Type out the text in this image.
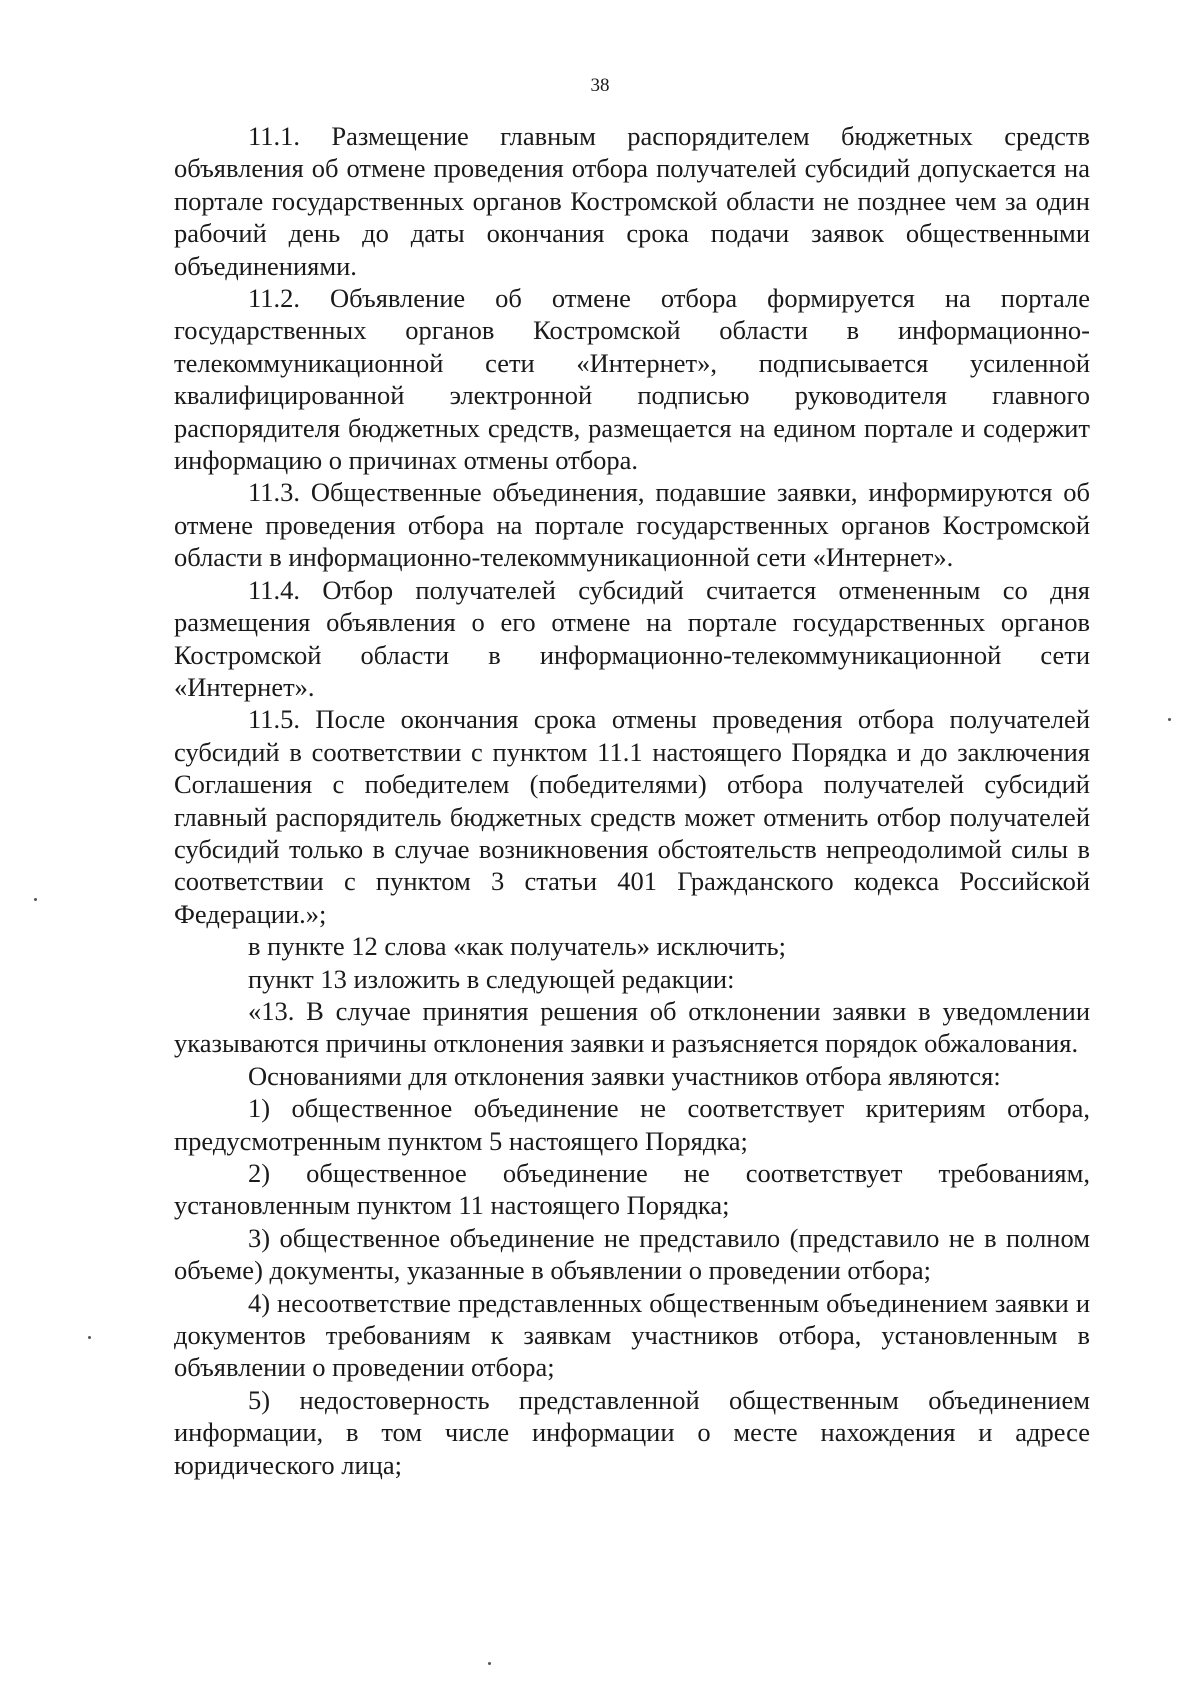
38

11.1. Размещение главным распорядителем бюджетных средств объявления об отмене проведения отбора получателей субсидий допускается на портале государственных органов Костромской области не позднее чем за один рабочий день до даты окончания срока подачи заявок общественными объединениями.

11.2. Объявление об отмене отбора формируется на портале государственных органов Костромской области в информационно-телекоммуникационной сети «Интернет», подписывается усиленной квалифицированной электронной подписью руководителя главного распорядителя бюджетных средств, размещается на едином портале и содержит информацию о причинах отмены отбора.

11.3. Общественные объединения, подавшие заявки, информируются об отмене проведения отбора на портале государственных органов Костромской области в информационно-телекоммуникационной сети «Интернет».

11.4. Отбор получателей субсидий считается отмененным со дня размещения объявления о его отмене на портале государственных органов Костромской области в информационно-телекоммуникационной сети «Интернет».

11.5. После окончания срока отмены проведения отбора получателей субсидий в соответствии с пунктом 11.1 настоящего Порядка и до заключения Соглашения с победителем (победителями) отбора получателей субсидий главный распорядитель бюджетных средств может отменить отбор получателей субсидий только в случае возникновения обстоятельств непреодолимой силы в соответствии с пунктом 3 статьи 401 Гражданского кодекса Российской Федерации.»;

в пункте 12 слова «как получатель» исключить;

пункт 13 изложить в следующей редакции:

«13. В случае принятия решения об отклонении заявки в уведомлении указываются причины отклонения заявки и разъясняется порядок обжалования.

Основаниями для отклонения заявки участников отбора являются:

1) общественное объединение не соответствует критериям отбора, предусмотренным пунктом 5 настоящего Порядка;

2) общественное объединение не соответствует требованиям, установленным пунктом 11 настоящего Порядка;

3) общественное объединение не представило (представило не в полном объеме) документы, указанные в объявлении о проведении отбора;

4) несоответствие представленных общественным объединением заявки и документов требованиям к заявкам участников отбора, установленным в объявлении о проведении отбора;

5) недостоверность представленной общественным объединением информации, в том числе информации о месте нахождения и адресе юридического лица;
